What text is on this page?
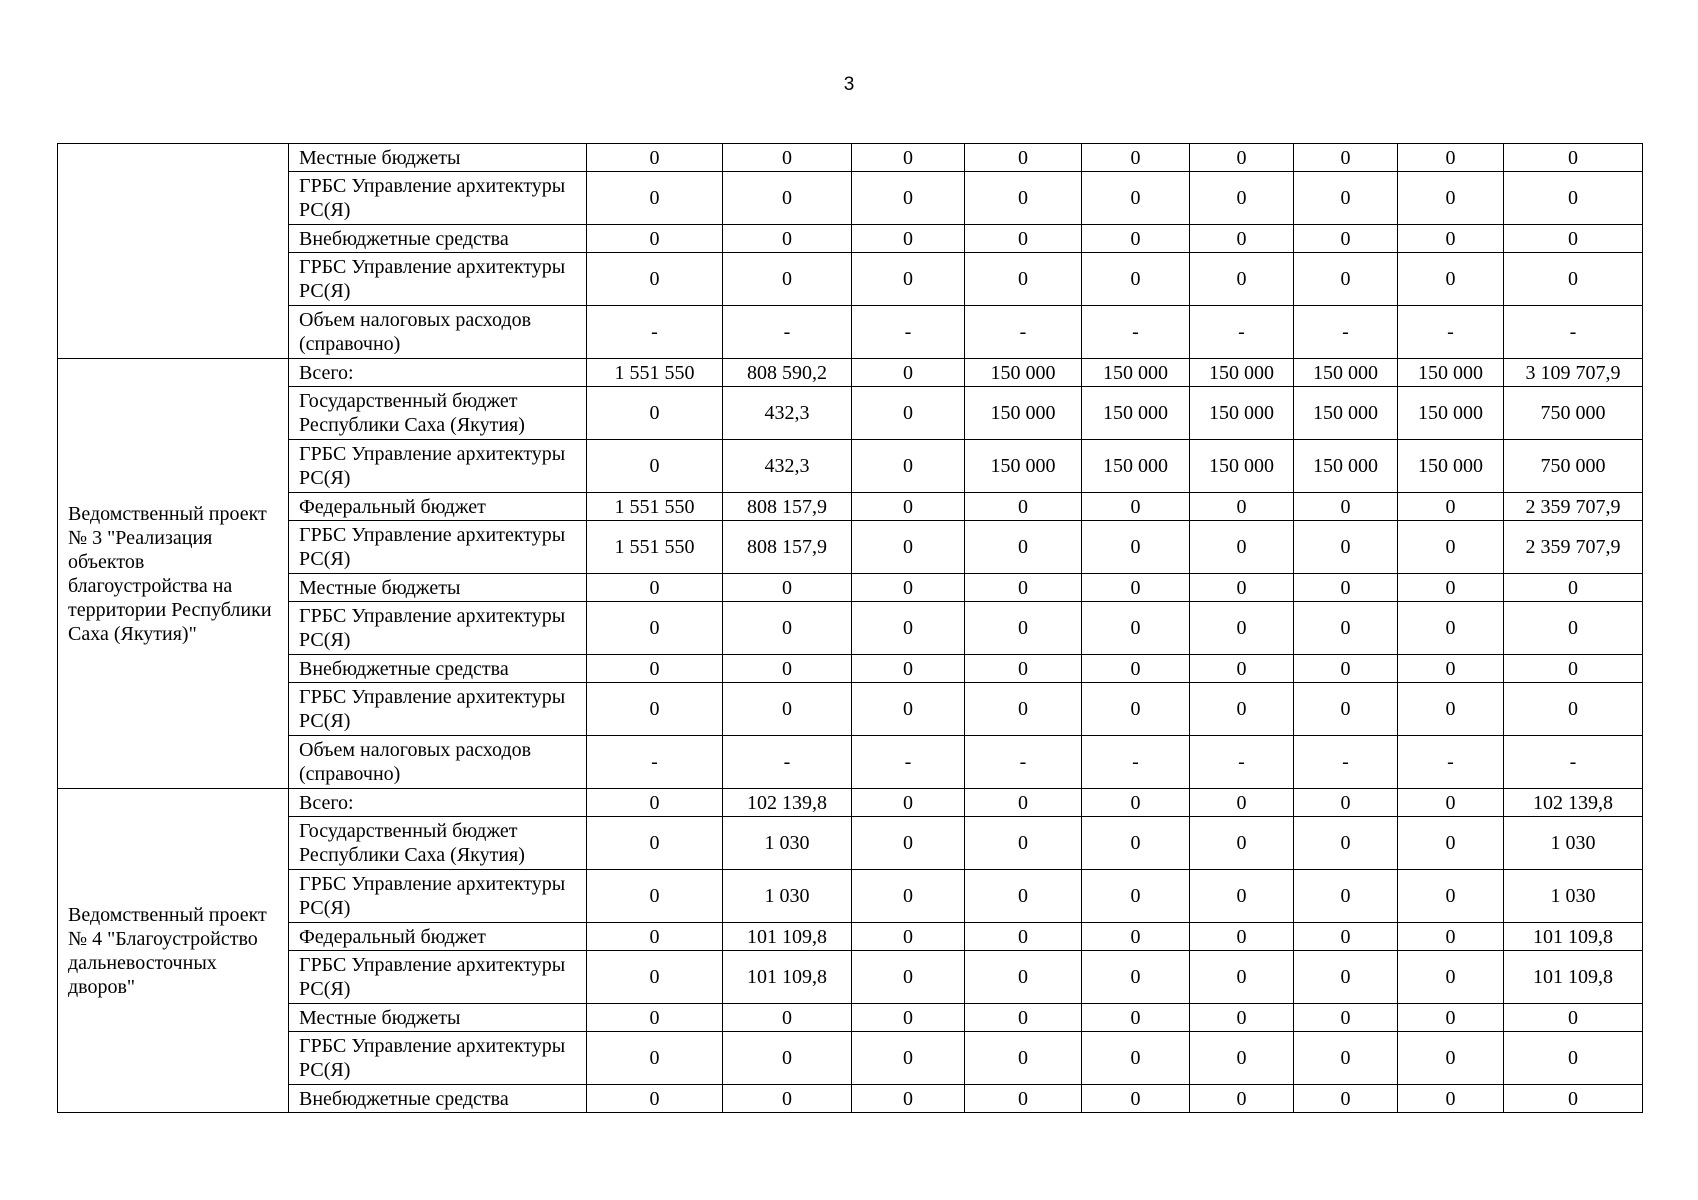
3
	Местные бюджеты	0	0	0	0	0	0	0	0	0
	ГРБС Управление архитектуры РС(Я)	0	0	0	0	0	0	0	0	0
	Внебюджетные средства	0	0	0	0	0	0	0	0	0
	ГРБС Управление архитектуры РС(Я)	0	0	0	0	0	0	0	0	0
	Объем налоговых расходов (справочно)	-	-	-	-	-	-	-	-	-
Ведомственный проект № 3 "Реализация объектов благоустройства на территории Республики Саха (Якутия)"	Всего:	1 551 550	808 590,2	0	150 000	150 000	150 000	150 000	150 000	3 109 707,9
	Государственный бюджет Республики Саха (Якутия)	0	432,3	0	150 000	150 000	150 000	150 000	150 000	750 000
	ГРБС Управление архитектуры РС(Я)	0	432,3	0	150 000	150 000	150 000	150 000	150 000	750 000
	Федеральный бюджет	1 551 550	808 157,9	0	0	0	0	0	0	2 359 707,9
	ГРБС Управление архитектуры РС(Я)	1 551 550	808 157,9	0	0	0	0	0	0	2 359 707,9
	Местные бюджеты	0	0	0	0	0	0	0	0	0
	ГРБС Управление архитектуры РС(Я)	0	0	0	0	0	0	0	0	0
	Внебюджетные средства	0	0	0	0	0	0	0	0	0
	ГРБС Управление архитектуры РС(Я)	0	0	0	0	0	0	0	0	0
	Объем налоговых расходов (справочно)	-	-	-	-	-	-	-	-	-
Ведомственный проект № 4 "Благоустройство дальневосточных дворов"	Всего:	0	102 139,8	0	0	0	0	0	0	102 139,8
	Государственный бюджет Республики Саха (Якутия)	0	1 030	0	0	0	0	0	0	1 030
	ГРБС Управление архитектуры РС(Я)	0	1 030	0	0	0	0	0	0	1 030
	Федеральный бюджет	0	101 109,8	0	0	0	0	0	0	101 109,8
	ГРБС Управление архитектуры РС(Я)	0	101 109,8	0	0	0	0	0	0	101 109,8
	Местные бюджеты	0	0	0	0	0	0	0	0	0
	ГРБС Управление архитектуры РС(Я)	0	0	0	0	0	0	0	0	0
	Внебюджетные средства	0	0	0	0	0	0	0	0	0
